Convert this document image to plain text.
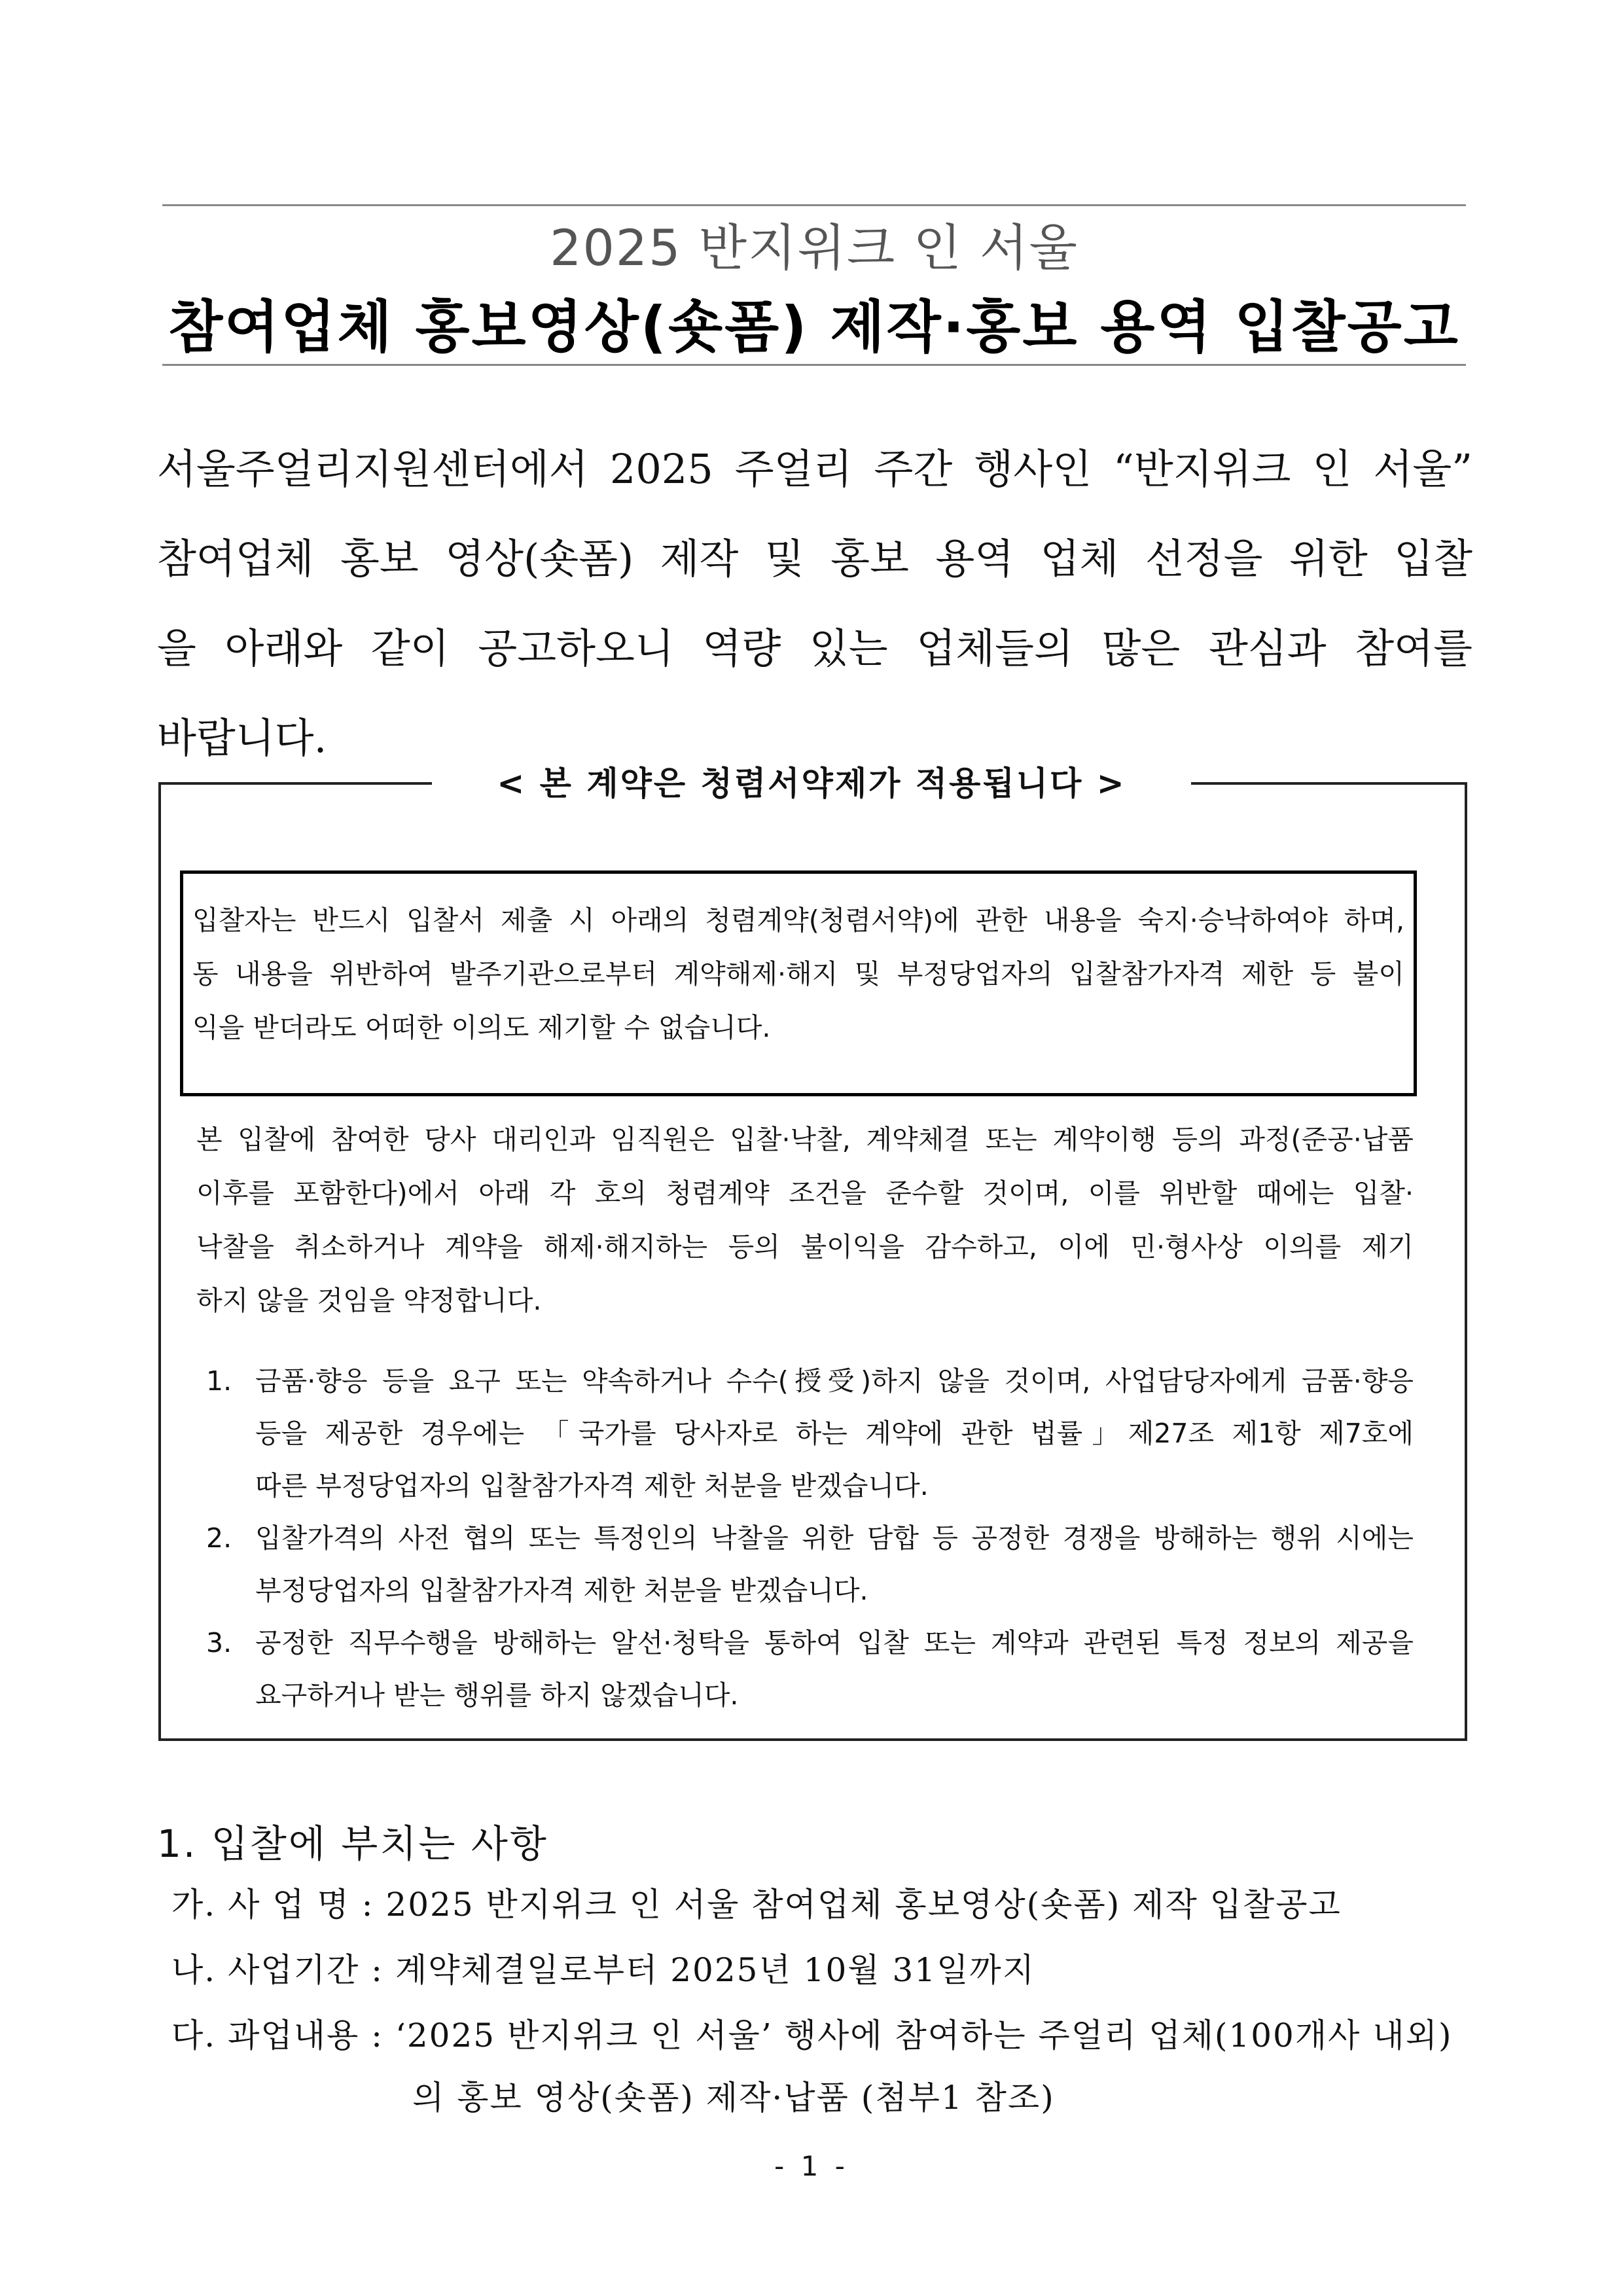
2025 반지위크 인 서울
참여업체 홍보영상(숏폼) 제작·홍보 용역 입찰공고
서울주얼리지원센터에서 2025 주얼리 주간 행사인 “반지위크 인 서울”
참여업체 홍보 영상(숏폼) 제작 및 홍보 용역 업체 선정을 위한 입찰
을 아래와 같이 공고하오니 역량 있는 업체들의 많은 관심과 참여를
바랍니다.
< 본 계약은 청렴서약제가 적용됩니다 >
입찰자는 반드시 입찰서 제출 시 아래의 청렴계약(청렴서약)에 관한 내용을 숙지·승낙하여야 하며,
동 내용을 위반하여 발주기관으로부터 계약해제·해지 및 부정당업자의 입찰참가자격 제한 등 불이
익을 받더라도 어떠한 이의도 제기할 수 없습니다.
본 입찰에 참여한 당사 대리인과 임직원은 입찰·낙찰, 계약체결 또는 계약이행 등의 과정(준공·납품
이후를 포함한다)에서 아래 각 호의 청렴계약 조건을 준수할 것이며, 이를 위반할 때에는 입찰·
낙찰을 취소하거나 계약을 해제·해지하는 등의 불이익을 감수하고, 이에 민·형사상 이의를 제기
하지 않을 것임을 약정합니다.
1. 금품·향응 등을 요구 또는 약속하거나 수수(授受)하지 않을 것이며, 사업담당자에게 금품·향응
등을 제공한 경우에는 「국가를 당사자로 하는 계약에 관한 법률」제27조 제1항 제7호에
따른 부정당업자의 입찰참가자격 제한 처분을 받겠습니다.
2. 입찰가격의 사전 협의 또는 특정인의 낙찰을 위한 담합 등 공정한 경쟁을 방해하는 행위 시에는
부정당업자의 입찰참가자격 제한 처분을 받겠습니다.
3. 공정한 직무수행을 방해하는 알선·청탁을 통하여 입찰 또는 계약과 관련된 특정 정보의 제공을
요구하거나 받는 행위를 하지 않겠습니다.
1. 입찰에 부치는 사항
가. 사 업 명 : 2025 반지위크 인 서울 참여업체 홍보영상(숏폼) 제작 입찰공고
나. 사업기간 : 계약체결일로부터 2025년 10월 31일까지
다. 과업내용 : ‘2025 반지위크 인 서울’ 행사에 참여하는 주얼리 업체(100개사 내외)
의 홍보 영상(숏폼) 제작·납품 (첨부1 참조)
- 1 -
